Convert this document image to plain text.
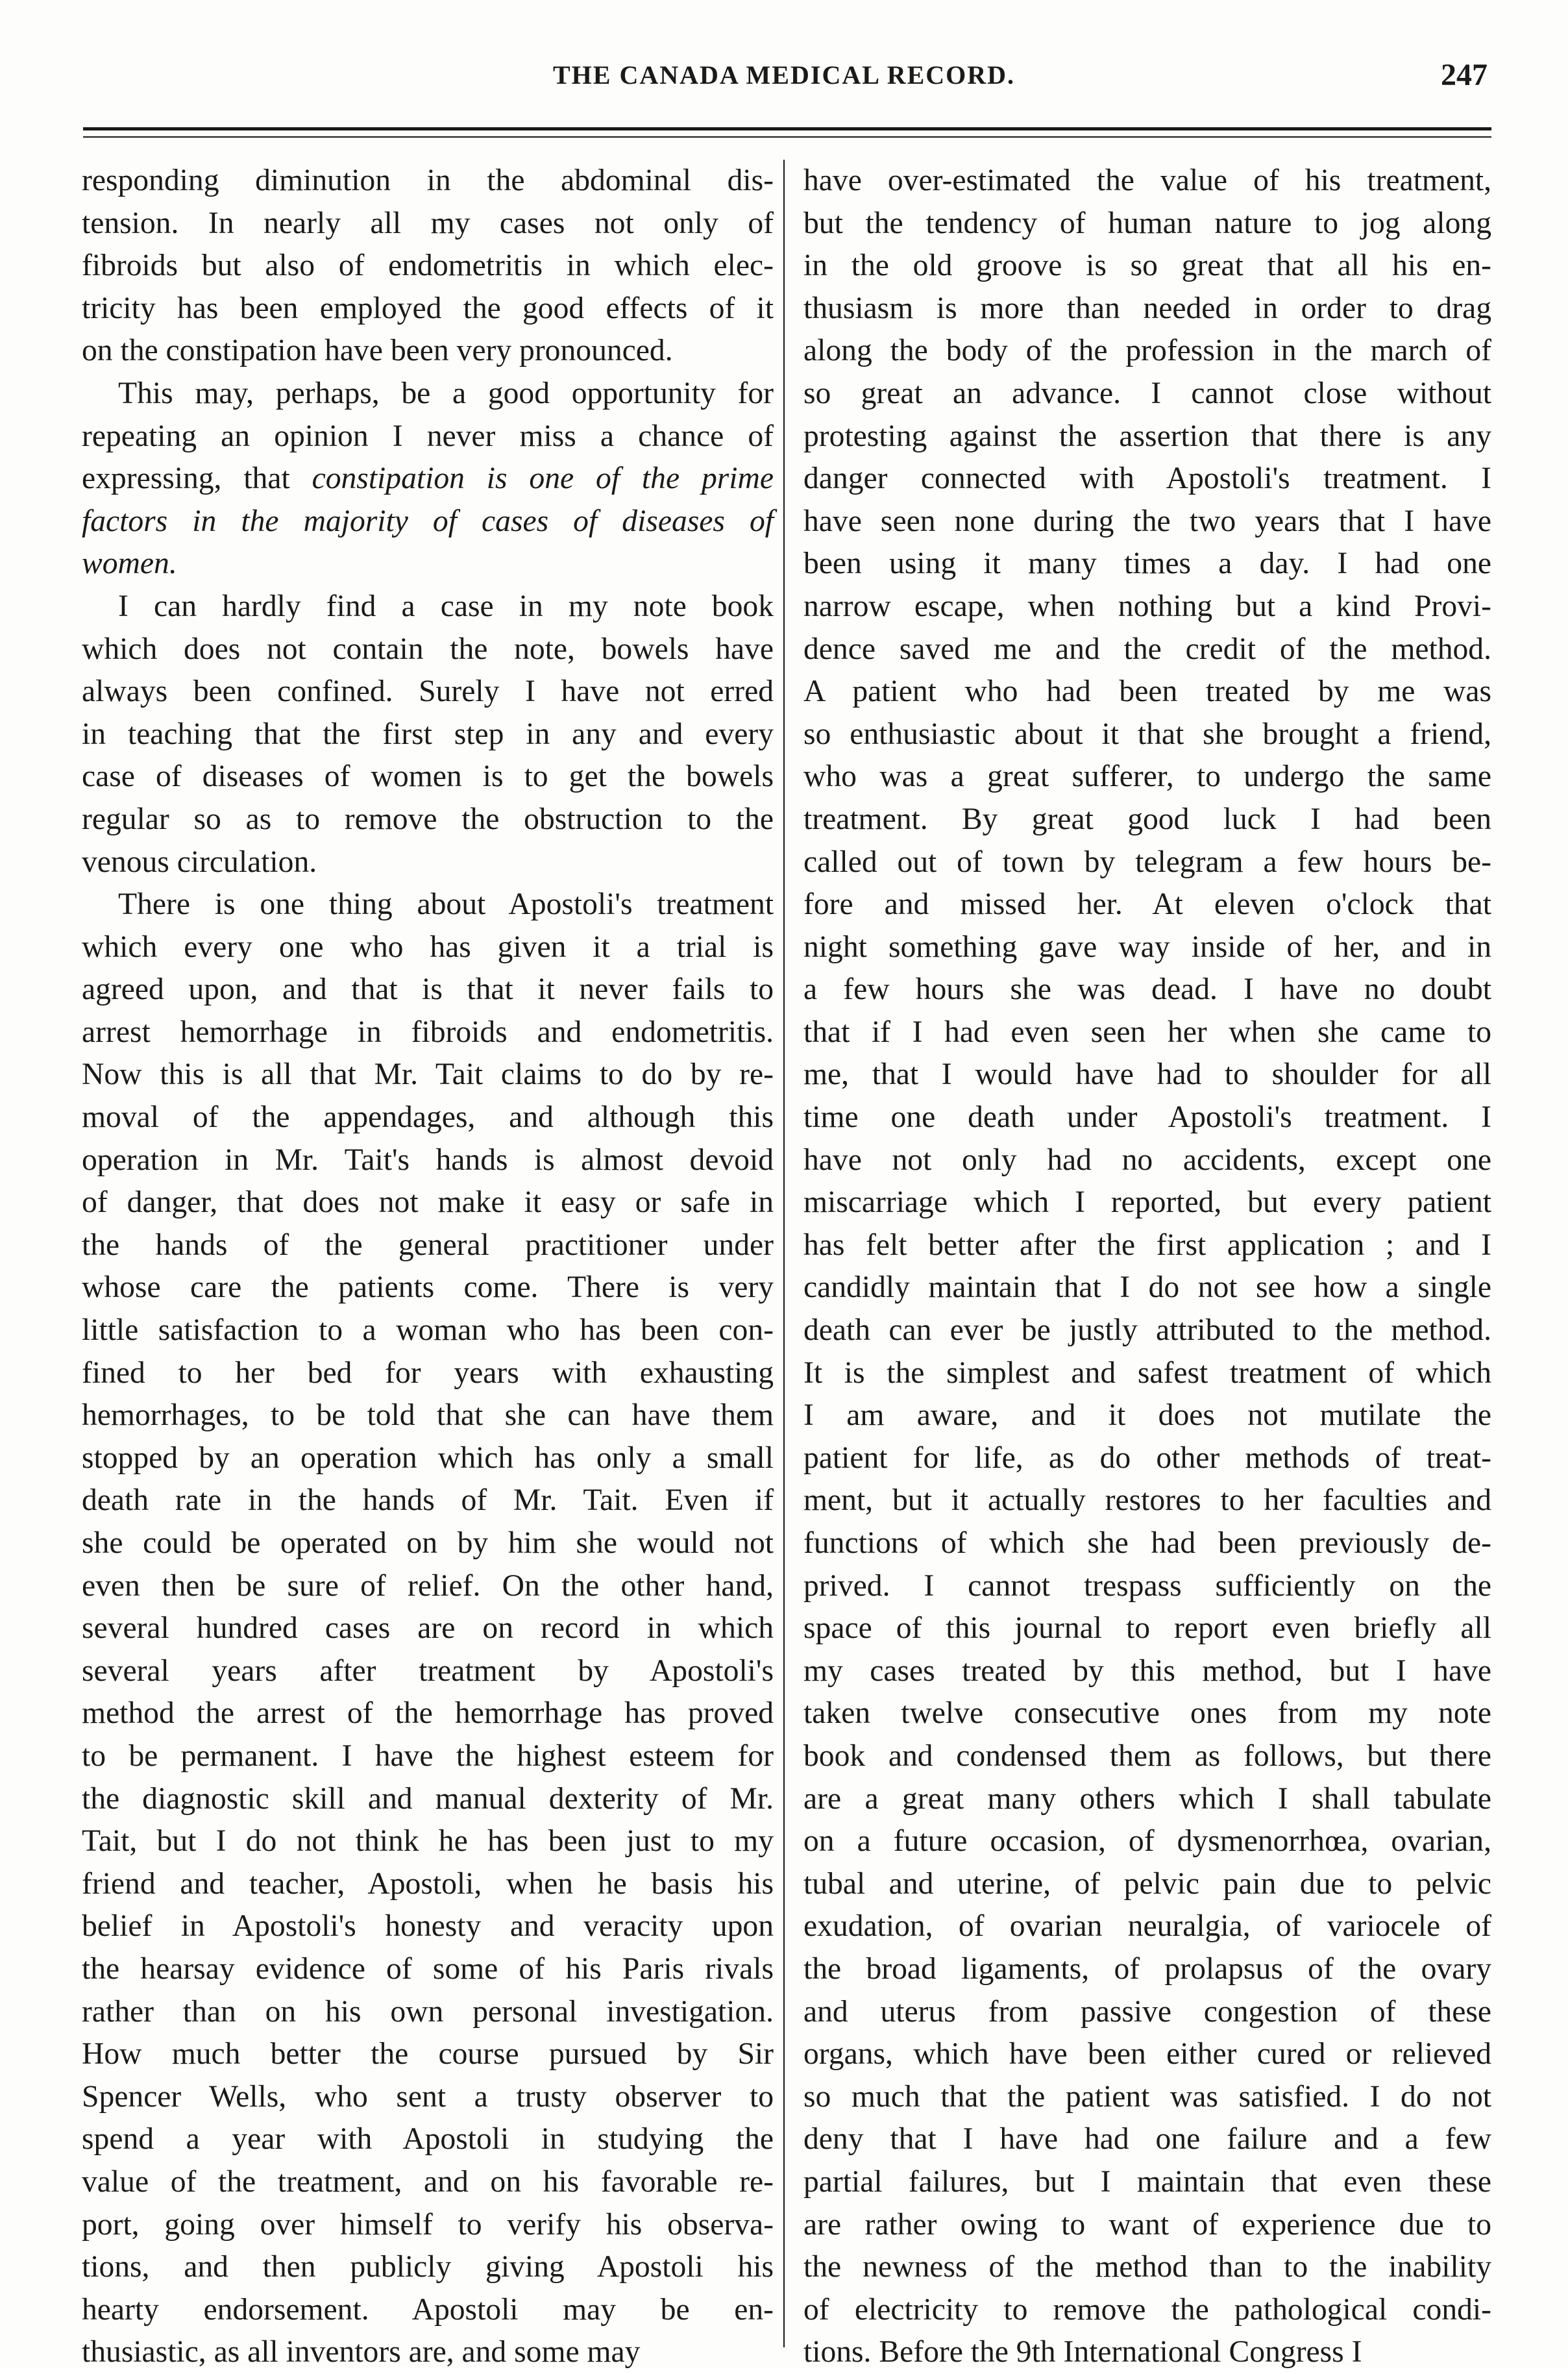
THE CANADA MEDICAL RECORD.	247
responding diminution in the abdominal dis-
tension. In nearly all my cases not only of
fibroids but also of endometritis in which elec-
tricity has been employed the good effects of it
on the constipation have been very pronounced.
This may, perhaps, be a good opportunity for
repeating an opinion I never miss a chance of
expressing, that constipation is one of the prime
factors in the majority of cases of diseases of
women.
I can hardly find a case in my note book
which does not contain the note, bowels have
always been confined. Surely I have not erred
in teaching that the first step in any and every
case of diseases of women is to get the bowels
regular so as to remove the obstruction to the
venous circulation.
There is one thing about Apostoli's treatment
which every one who has given it a trial is
agreed upon, and that is that it never fails to
arrest hemorrhage in fibroids and endometritis.
Now this is all that Mr. Tait claims to do by re-
moval of the appendages, and although this
operation in Mr. Tait's hands is almost devoid
of danger, that does not make it easy or safe in
the hands of the general practitioner under
whose care the patients come. There is very
little satisfaction to a woman who has been con-
fined to her bed for years with exhausting
hemorrhages, to be told that she can have them
stopped by an operation which has only a small
death rate in the hands of Mr. Tait. Even if
she could be operated on by him she would not
even then be sure of relief. On the other hand,
several hundred cases are on record in which
several years after treatment by Apostoli's
method the arrest of the hemorrhage has proved
to be permanent. I have the highest esteem for
the diagnostic skill and manual dexterity of Mr.
Tait, but I do not think he has been just to my
friend and teacher, Apostoli, when he basis his
belief in Apostoli's honesty and veracity upon
the hearsay evidence of some of his Paris rivals
rather than on his own personal investigation.
How much better the course pursued by Sir
Spencer Wells, who sent a trusty observer to
spend a year with Apostoli in studying the
value of the treatment, and on his favorable re-
port, going over himself to verify his observa-
tions, and then publicly giving Apostoli his
hearty endorsement. Apostoli may be en-
thusiastic, as all inventors are, and some may
have over-estimated the value of his treatment,
but the tendency of human nature to jog along
in the old groove is so great that all his en-
thusiasm is more than needed in order to drag
along the body of the profession in the march of
so great an advance. I cannot close without
protesting against the assertion that there is any
danger connected with Apostoli's treatment. I
have seen none during the two years that I have
been using it many times a day. I had one
narrow escape, when nothing but a kind Provi-
dence saved me and the credit of the method.
A patient who had been treated by me was
so enthusiastic about it that she brought a friend,
who was a great sufferer, to undergo the same
treatment. By great good luck I had been
called out of town by telegram a few hours be-
fore and missed her. At eleven o'clock that
night something gave way inside of her, and in
a few hours she was dead. I have no doubt
that if I had even seen her when she came to
me, that I would have had to shoulder for all
time one death under Apostoli's treatment. I
have not only had no accidents, except one
miscarriage which I reported, but every patient
has felt better after the first application ; and I
candidly maintain that I do not see how a single
death can ever be justly attributed to the method.
It is the simplest and safest treatment of which
I am aware, and it does not mutilate the
patient for life, as do other methods of treat-
ment, but it actually restores to her faculties and
functions of which she had been previously de-
prived. I cannot trespass sufficiently on the
space of this journal to report even briefly all
my cases treated by this method, but I have
taken twelve consecutive ones from my note
book and condensed them as follows, but there
are a great many others which I shall tabulate
on a future occasion, of dysmenorrhœa, ovarian,
tubal and uterine, of pelvic pain due to pelvic
exudation, of ovarian neuralgia, of variocele of
the broad ligaments, of prolapsus of the ovary
and uterus from passive congestion of these
organs, which have been either cured or relieved
so much that the patient was satisfied. I do not
deny that I have had one failure and a few
partial failures, but I maintain that even these
are rather owing to want of experience due to
the newness of the method than to the inability
of electricity to remove the pathological condi-
tions. Before the 9th International Congress I
